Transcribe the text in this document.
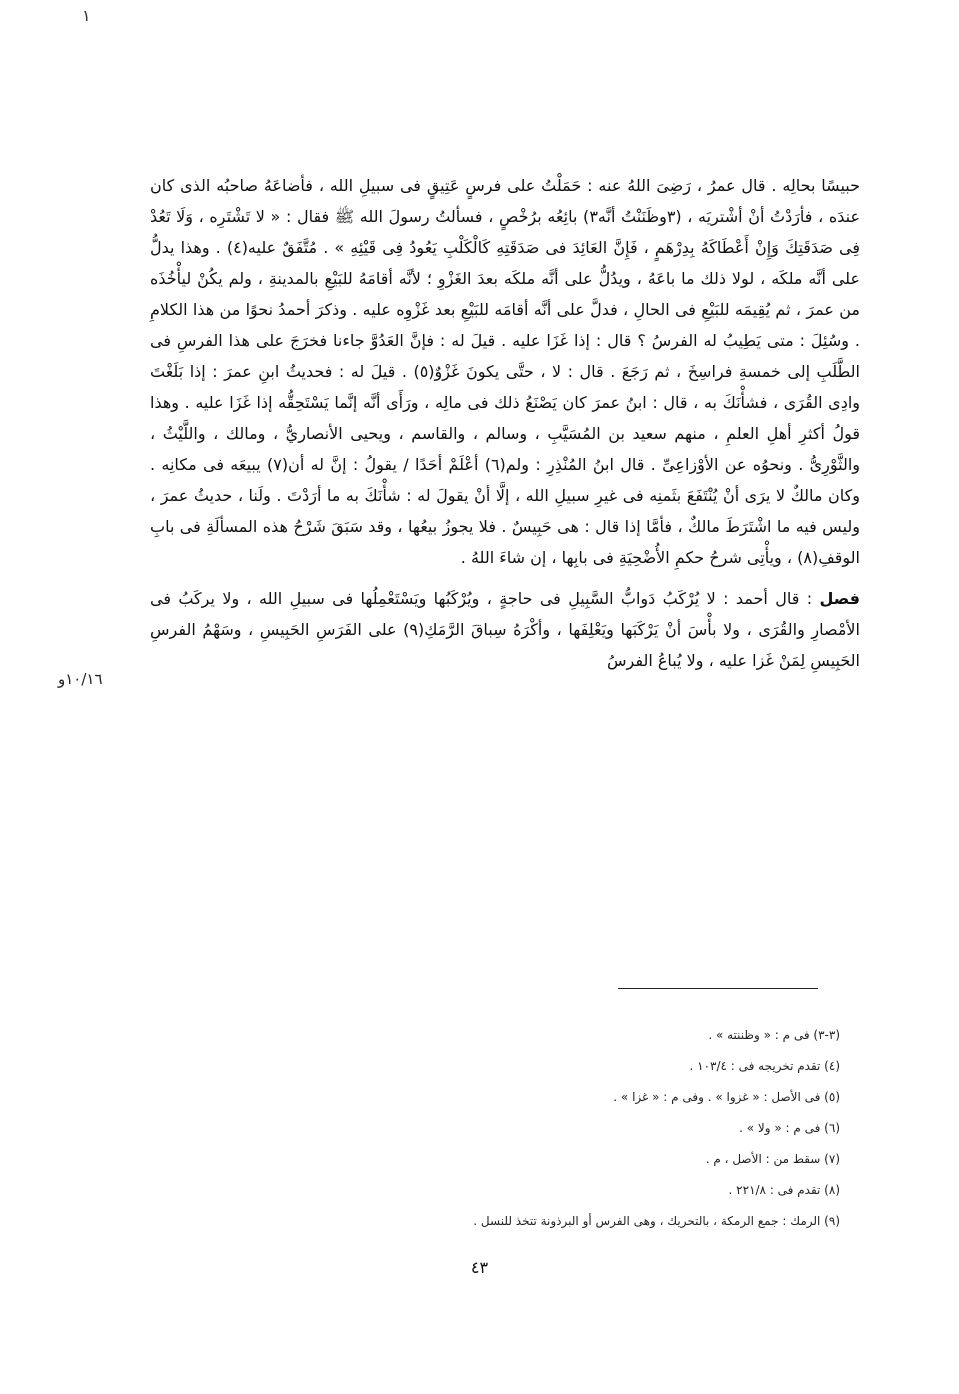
١

حبيسًا بحالِه . قال عمرُ ، رَضِىَ اللهُ عنه : حَمَلْتُ على فرسٍ عَتِيقٍ فى سبيلِ الله ، فأضاعَهُ صاحبُه الذى كان عندَه ، فأرَدْتُ أنْ أشْتريَه ، (٣وظَنَنْتُ أنَّه٣) بائِعُه برُخْصٍ ، فسألتُ رسولَ الله ﷺ فقال : « لا تَشْتَرِه ، وَلَا تَعُدْ فِى صَدَقَتِكَ وَإِنْ أَعْطَاكَهُ بِدِرْهَمٍ ، فَإِنَّ العَائِدَ فى صَدَقَتِهِ كَالْكَلْبِ يَعُودُ فِى قَيْئِهِ » . مُتَّفَقٌ عليه(٤) . وهذا يدلُّ على أنَّه ملكَه ، لولا ذلك ما باعَهُ ، ويدُلُّ على أنَّه ملكَه بعدَ الغَزْوِ ؛ لأنَّه أقامَهُ للبَيْعِ بالمدينةِ ، ولم يكُنْ ليأْخُذَه من عمرَ ، ثم يُقِيمَه للبَيْعِ فى الحالِ ، فدلَّ على أنَّه أقامَه للبَيْعِ بعد غَزْوِه عليه . وذكرَ أحمدُ نحوًا من هذا الكلامِ . وسُئِلَ : متى يَطِيبُ له الفرسُ ؟ قال : إذا غَزَا عليه . قيلَ له : فإنَّ العَدُوَّ جاءنا فخرَجَ على هذا الفرسِ فى الطَّلَبِ إلى خمسةِ فراسِخَ ، ثم رَجَعَ . قال : لا ، حتَّى يكونَ غَزْوٌ(٥) . قيلَ له : فحديثُ ابنِ عمرَ : إذا بَلَغْتَ وادِى القُرَى ، فشأْنَكَ به ، قال : ابنُ عمرَ كان يَصْنَعُ ذلك فى مالِه ، ورَأَى أنَّه إنَّما يَسْتَحِقُّه إذا غَزَا عليه . وهذا قولُ أكثرِ أهلِ العلمِ ، منهم سعيد بن المُسَيَّبِ ، وسالم ، والقاسم ، ويحيى الأنصاريُّ ، ومالك ، واللَّيْثُ ، والثَّوْرِىُّ . ونحوُه عن الأوْزاعِىِّ . قال ابنُ المُنْذِرِ : ولم(٦) أعْلَمْ أحَدًا / يقولُ : إنَّ له أن(٧) يبيعَه فى مكانِه . وكان مالكٌ لا يرَى أنْ يُنْتَفَعَ بثَمنِه فى غيرِ سبيلِ الله ، إلَّا أنْ يقولَ له : شأْنَكَ به ما أرَدْتَ . ولَنا ، حديثُ عمرَ ، وليس فيه ما اشْتَرَطَ مالكٌ ، فأمَّا إذا قال : هى حَبِيسٌ . فلا يجوزُ بيعُها ، وقد سَبَقَ شَرْحُ هذه المسألَةِ فى بابِ الوقفِ(٨) ، ويأْتِى شرحُ حكمِ الأُضْحِيَةِ فى بابِها ، إن شاءَ اللهُ .

فصل : قال أحمد : لا يُرْكَبُ دَوابُّ السَّبِيلِ فى حاجةٍ ، ويُرْكَبُها ويَسْتَعْمِلُها فى سبيلِ الله ، ولا يركَبُ فى الأمْصارِ والقُرَى ، ولا بأْسَ أنْ يَرْكَبَها ويَعْلِفَها ، وأكْرَهُ سِباقَ الرَّمَكِ(٩) على الفَرَسِ الحَبِيسِ ، وسَهْمُ الفرسِ الحَبِيسِ لِمَنْ غَزا عليه ، ولا يُباعُ الفرسُ

١٠/١٦و
(٣-٣) فى م : « وظننته » .
(٤) تقدم تخريجه فى : ١٠٣/٤ .
(٥) فى الأصل : « غزوا » . وفى م : « غزا » .
(٦) فى م : « ولا » .
(٧) سقط من : الأصل ، م .
(٨) تقدم فى : ٢٢١/٨ .
(٩) الرمك : جمع الرمكة ، بالتحريك ، وهى الفرس أو البرذونة تتخذ للنسل .
٤٣
